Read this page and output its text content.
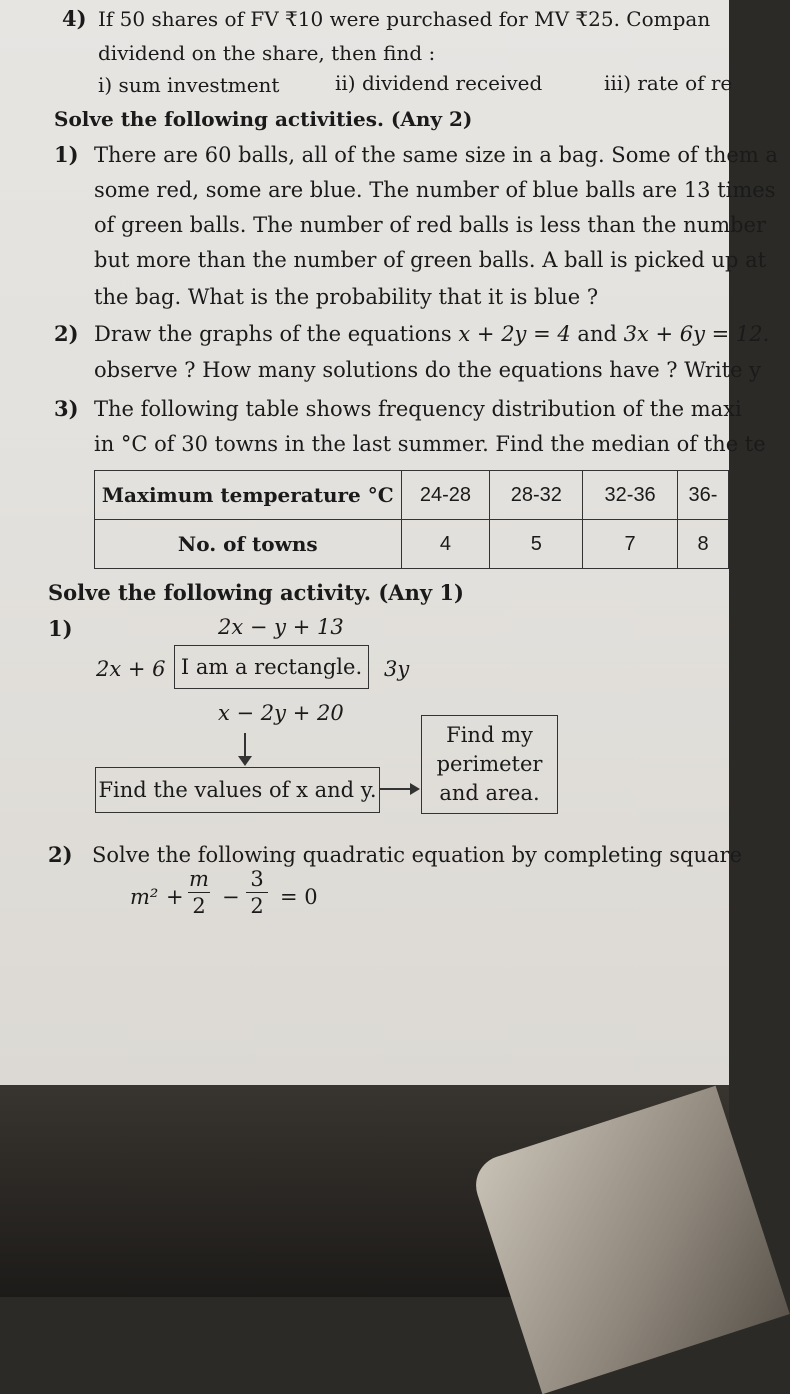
4) If 50 shares of FV ₹10 were purchased for MV ₹25. Compan
dividend on the share, then find :
i) sum investment	ii) dividend received	iii) rate of re
Solve the following activities. (Any 2)
1) There are 60 balls, all of the same size in a bag. Some of them a
some red, some are blue. The number of blue balls are 13 times
of green balls. The number of red balls is less than the number
but more than the number of green balls. A ball is picked up at
the bag. What is the probability that it is blue ?
2) Draw the graphs of the equations x + 2y = 4 and 3x + 6y = 12.
observe ? How many solutions do the equations have ? Write y
3) The following table shows frequency distribution of the maxi
in °C of 30 towns in the last summer. Find the median of the te
Maximum temperature °C	24-28	28-32	32-36	36-
No. of towns	4	5	7	8
Solve the following activity. (Any 1)
1)	2x − y + 13
2x + 6 I am a rectangle.	3y
x − 2y + 20
Find the values of x and y.
Find my
perimeter
and area.
2) Solve the following quadratic equation by completing square
$m^2 + \frac{m}{2} - \frac{3}{2} = 0$
